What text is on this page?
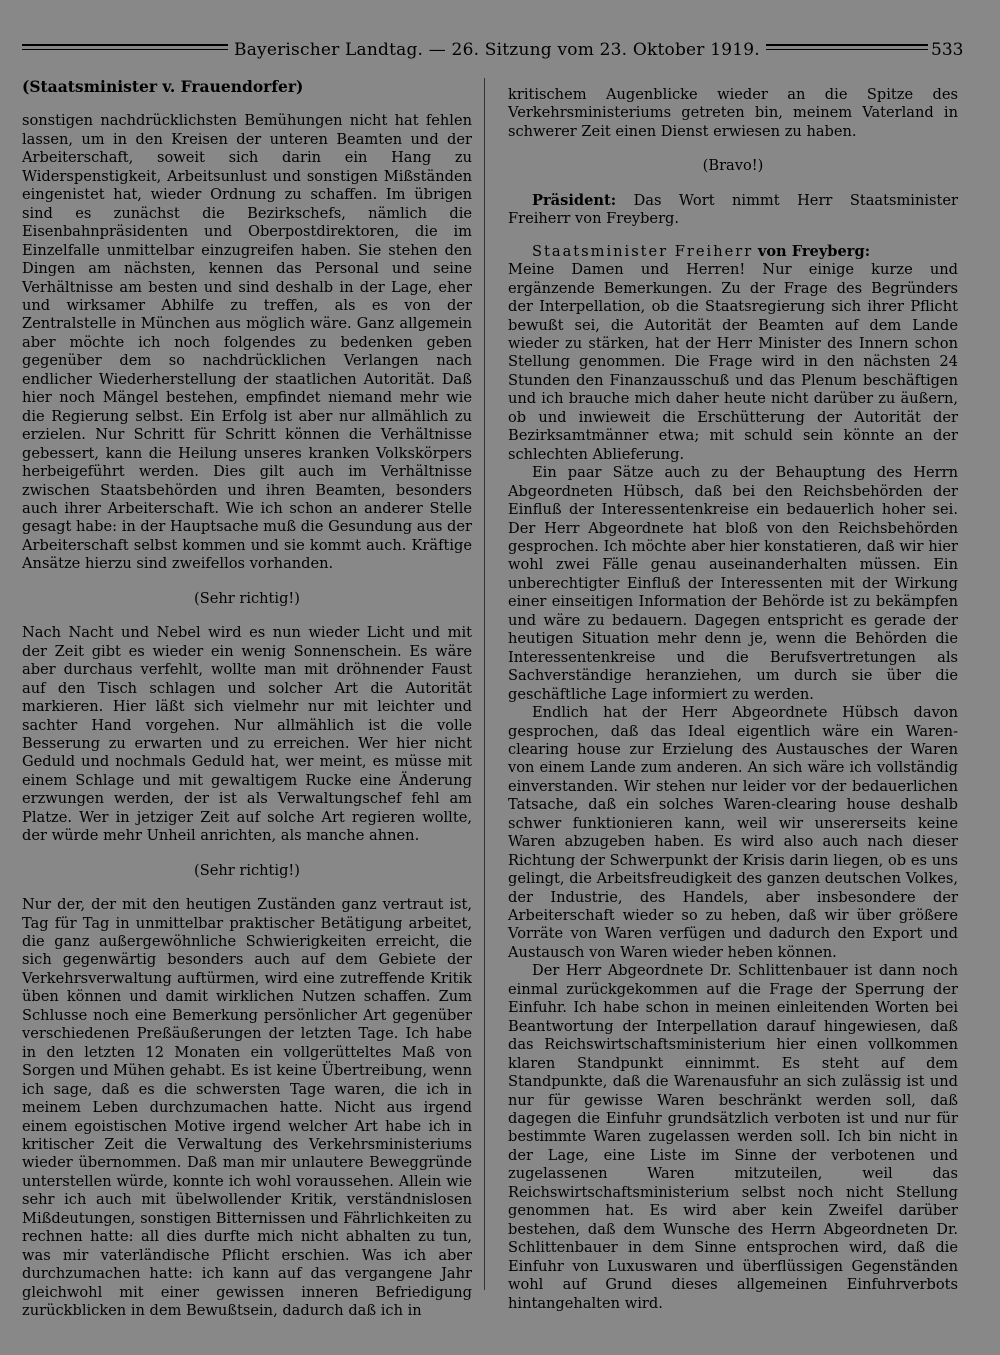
Bayerischer Landtag. — 26. Sitzung vom 23. Oktober 1919.	533

(Staatsminister v. Frauendorfer)

sonstigen nachdrücklichsten Bemühungen nicht hat fehlen lassen, um in den Kreisen der unteren Beamten und der Arbeiterschaft, soweit sich darin ein Hang zu Widerspenstigkeit, Arbeitsunlust und sonstigen Mißständen eingenistet hat, wieder Ordnung zu schaffen. Im übrigen sind es zunächst die Bezirkschefs, nämlich die Eisenbahnpräsidenten und Oberpostdirektoren, die im Einzelfalle unmittelbar einzugreifen haben. Sie stehen den Dingen am nächsten, kennen das Personal und seine Verhältnisse am besten und sind deshalb in der Lage, eher und wirksamer Abhilfe zu treffen, als es von der Zentralstelle in München aus möglich wäre. Ganz allgemein aber möchte ich noch folgendes zu bedenken geben gegenüber dem so nachdrücklichen Verlangen nach endlicher Wiederherstellung der staatlichen Autorität. Daß hier noch Mängel bestehen, empfindet niemand mehr wie die Regierung selbst. Ein Erfolg ist aber nur allmählich zu erzielen. Nur Schritt für Schritt können die Verhältnisse gebessert, kann die Heilung unseres kranken Volkskörpers herbeigeführt werden. Dies gilt auch im Verhältnisse zwischen Staatsbehörden und ihren Beamten, besonders auch ihrer Arbeiterschaft. Wie ich schon an anderer Stelle gesagt habe: in der Hauptsache muß die Gesundung aus der Arbeiterschaft selbst kommen und sie kommt auch. Kräftige Ansätze hierzu sind zweifellos vorhanden.

(Sehr richtig!)

Nach Nacht und Nebel wird es nun wieder Licht und mit der Zeit gibt es wieder ein wenig Sonnenschein. Es wäre aber durchaus verfehlt, wollte man mit dröhnender Faust auf den Tisch schlagen und solcher Art die Autorität markieren. Hier läßt sich vielmehr nur mit leichter und sachter Hand vorgehen. Nur allmählich ist die volle Besserung zu erwarten und zu erreichen. Wer hier nicht Geduld und nochmals Geduld hat, wer meint, es müsse mit einem Schlage und mit gewaltigem Rucke eine Änderung erzwungen werden, der ist als Verwaltungschef fehl am Platze. Wer in jetziger Zeit auf solche Art regieren wollte, der würde mehr Unheil anrichten, als manche ahnen.

(Sehr richtig!)

Nur der, der mit den heutigen Zuständen ganz vertraut ist, Tag für Tag in unmittelbar praktischer Betätigung arbeitet, die ganz außergewöhnliche Schwierigkeiten erreicht, die sich gegenwärtig besonders auch auf dem Gebiete der Verkehrsverwaltung auftürmen, wird eine zutreffende Kritik üben können und damit wirklichen Nutzen schaffen. Zum Schlusse noch eine Bemerkung persönlicher Art gegenüber verschiedenen Preßäußerungen der letzten Tage. Ich habe in den letzten 12 Monaten ein vollgerütteltes Maß von Sorgen und Mühen gehabt. Es ist keine Übertreibung, wenn ich sage, daß es die schwersten Tage waren, die ich in meinem Leben durchzumachen hatte. Nicht aus irgend einem egoistischen Motive irgend welcher Art habe ich in kritischer Zeit die Verwaltung des Verkehrsministeriums wieder übernommen. Daß man mir unlautere Beweggründe unterstellen würde, konnte ich wohl voraussehen. Allein wie sehr ich auch mit übelwollender Kritik, verständnislosen Mißdeutungen, sonstigen Bitternissen und Fährlichkeiten zu rechnen hatte: all dies durfte mich nicht abhalten zu tun, was mir vaterländische Pflicht erschien. Was ich aber durchzumachen hatte: ich kann auf das vergangene Jahr gleichwohl mit einer gewissen inneren Befriedigung zurückblicken in dem Bewußtsein, dadurch daß ich in

kritischem Augenblicke wieder an die Spitze des Verkehrsministeriums getreten bin, meinem Vaterland in schwerer Zeit einen Dienst erwiesen zu haben.

(Bravo!)

Präsident: Das Wort nimmt Herr Staatsminister Freiherr von Freyberg.

Staatsminister Freiherr von Freyberg:

Meine Damen und Herren! Nur einige kurze und ergänzende Bemerkungen. Zu der Frage des Begründers der Interpellation, ob die Staatsregierung sich ihrer Pflicht bewußt sei, die Autorität der Beamten auf dem Lande wieder zu stärken, hat der Herr Minister des Innern schon Stellung genommen. Die Frage wird in den nächsten 24 Stunden den Finanzausschuß und das Plenum beschäftigen und ich brauche mich daher heute nicht darüber zu äußern, ob und inwieweit die Erschütterung der Autorität der Bezirksamtmänner etwa; mit schuld sein könnte an der schlechten Ablieferung.

Ein paar Sätze auch zu der Behauptung des Herrn Abgeordneten Hübsch, daß bei den Reichsbehörden der Einfluß der Interessentenkreise ein bedauerlich hoher sei. Der Herr Abgeordnete hat bloß von den Reichsbehörden gesprochen. Ich möchte aber hier konstatieren, daß wir hier wohl zwei Fälle genau auseinanderhalten müssen. Ein unberechtigter Einfluß der Interessenten mit der Wirkung einer einseitigen Information der Behörde ist zu bekämpfen und wäre zu bedauern. Dagegen entspricht es gerade der heutigen Situation mehr denn je, wenn die Behörden die Interessentenkreise und die Berufsvertretungen als Sachverständige heranziehen, um durch sie über die geschäftliche Lage informiert zu werden.

Endlich hat der Herr Abgeordnete Hübsch davon gesprochen, daß das Ideal eigentlich wäre ein Waren-clearing house zur Erzielung des Austausches der Waren von einem Lande zum anderen. An sich wäre ich vollständig einverstanden. Wir stehen nur leider vor der bedauerlichen Tatsache, daß ein solches Waren-clearing house deshalb schwer funktionieren kann, weil wir unsererseits keine Waren abzugeben haben. Es wird also auch nach dieser Richtung der Schwerpunkt der Krisis darin liegen, ob es uns gelingt, die Arbeitsfreudigkeit des ganzen deutschen Volkes, der Industrie, des Handels, aber insbesondere der Arbeiterschaft wieder so zu heben, daß wir über größere Vorräte von Waren verfügen und dadurch den Export und Austausch von Waren wieder heben können.

Der Herr Abgeordnete Dr. Schlittenbauer ist dann noch einmal zurückgekommen auf die Frage der Sperrung der Einfuhr. Ich habe schon in meinen einleitenden Worten bei Beantwortung der Interpellation darauf hingewiesen, daß das Reichswirtschaftsministerium hier einen vollkommen klaren Standpunkt einnimmt. Es steht auf dem Standpunkte, daß die Warenausfuhr an sich zulässig ist und nur für gewisse Waren beschränkt werden soll, daß dagegen die Einfuhr grundsätzlich verboten ist und nur für bestimmte Waren zugelassen werden soll. Ich bin nicht in der Lage, eine Liste im Sinne der verbotenen und zugelassenen Waren mitzuteilen, weil das Reichswirtschaftsministerium selbst noch nicht Stellung genommen hat. Es wird aber kein Zweifel darüber bestehen, daß dem Wunsche des Herrn Abgeordneten Dr. Schlittenbauer in dem Sinne entsprochen wird, daß die Einfuhr von Luxuswaren und überflüssigen Gegenständen wohl auf Grund dieses allgemeinen Einfuhrverbots hintangehalten wird.
